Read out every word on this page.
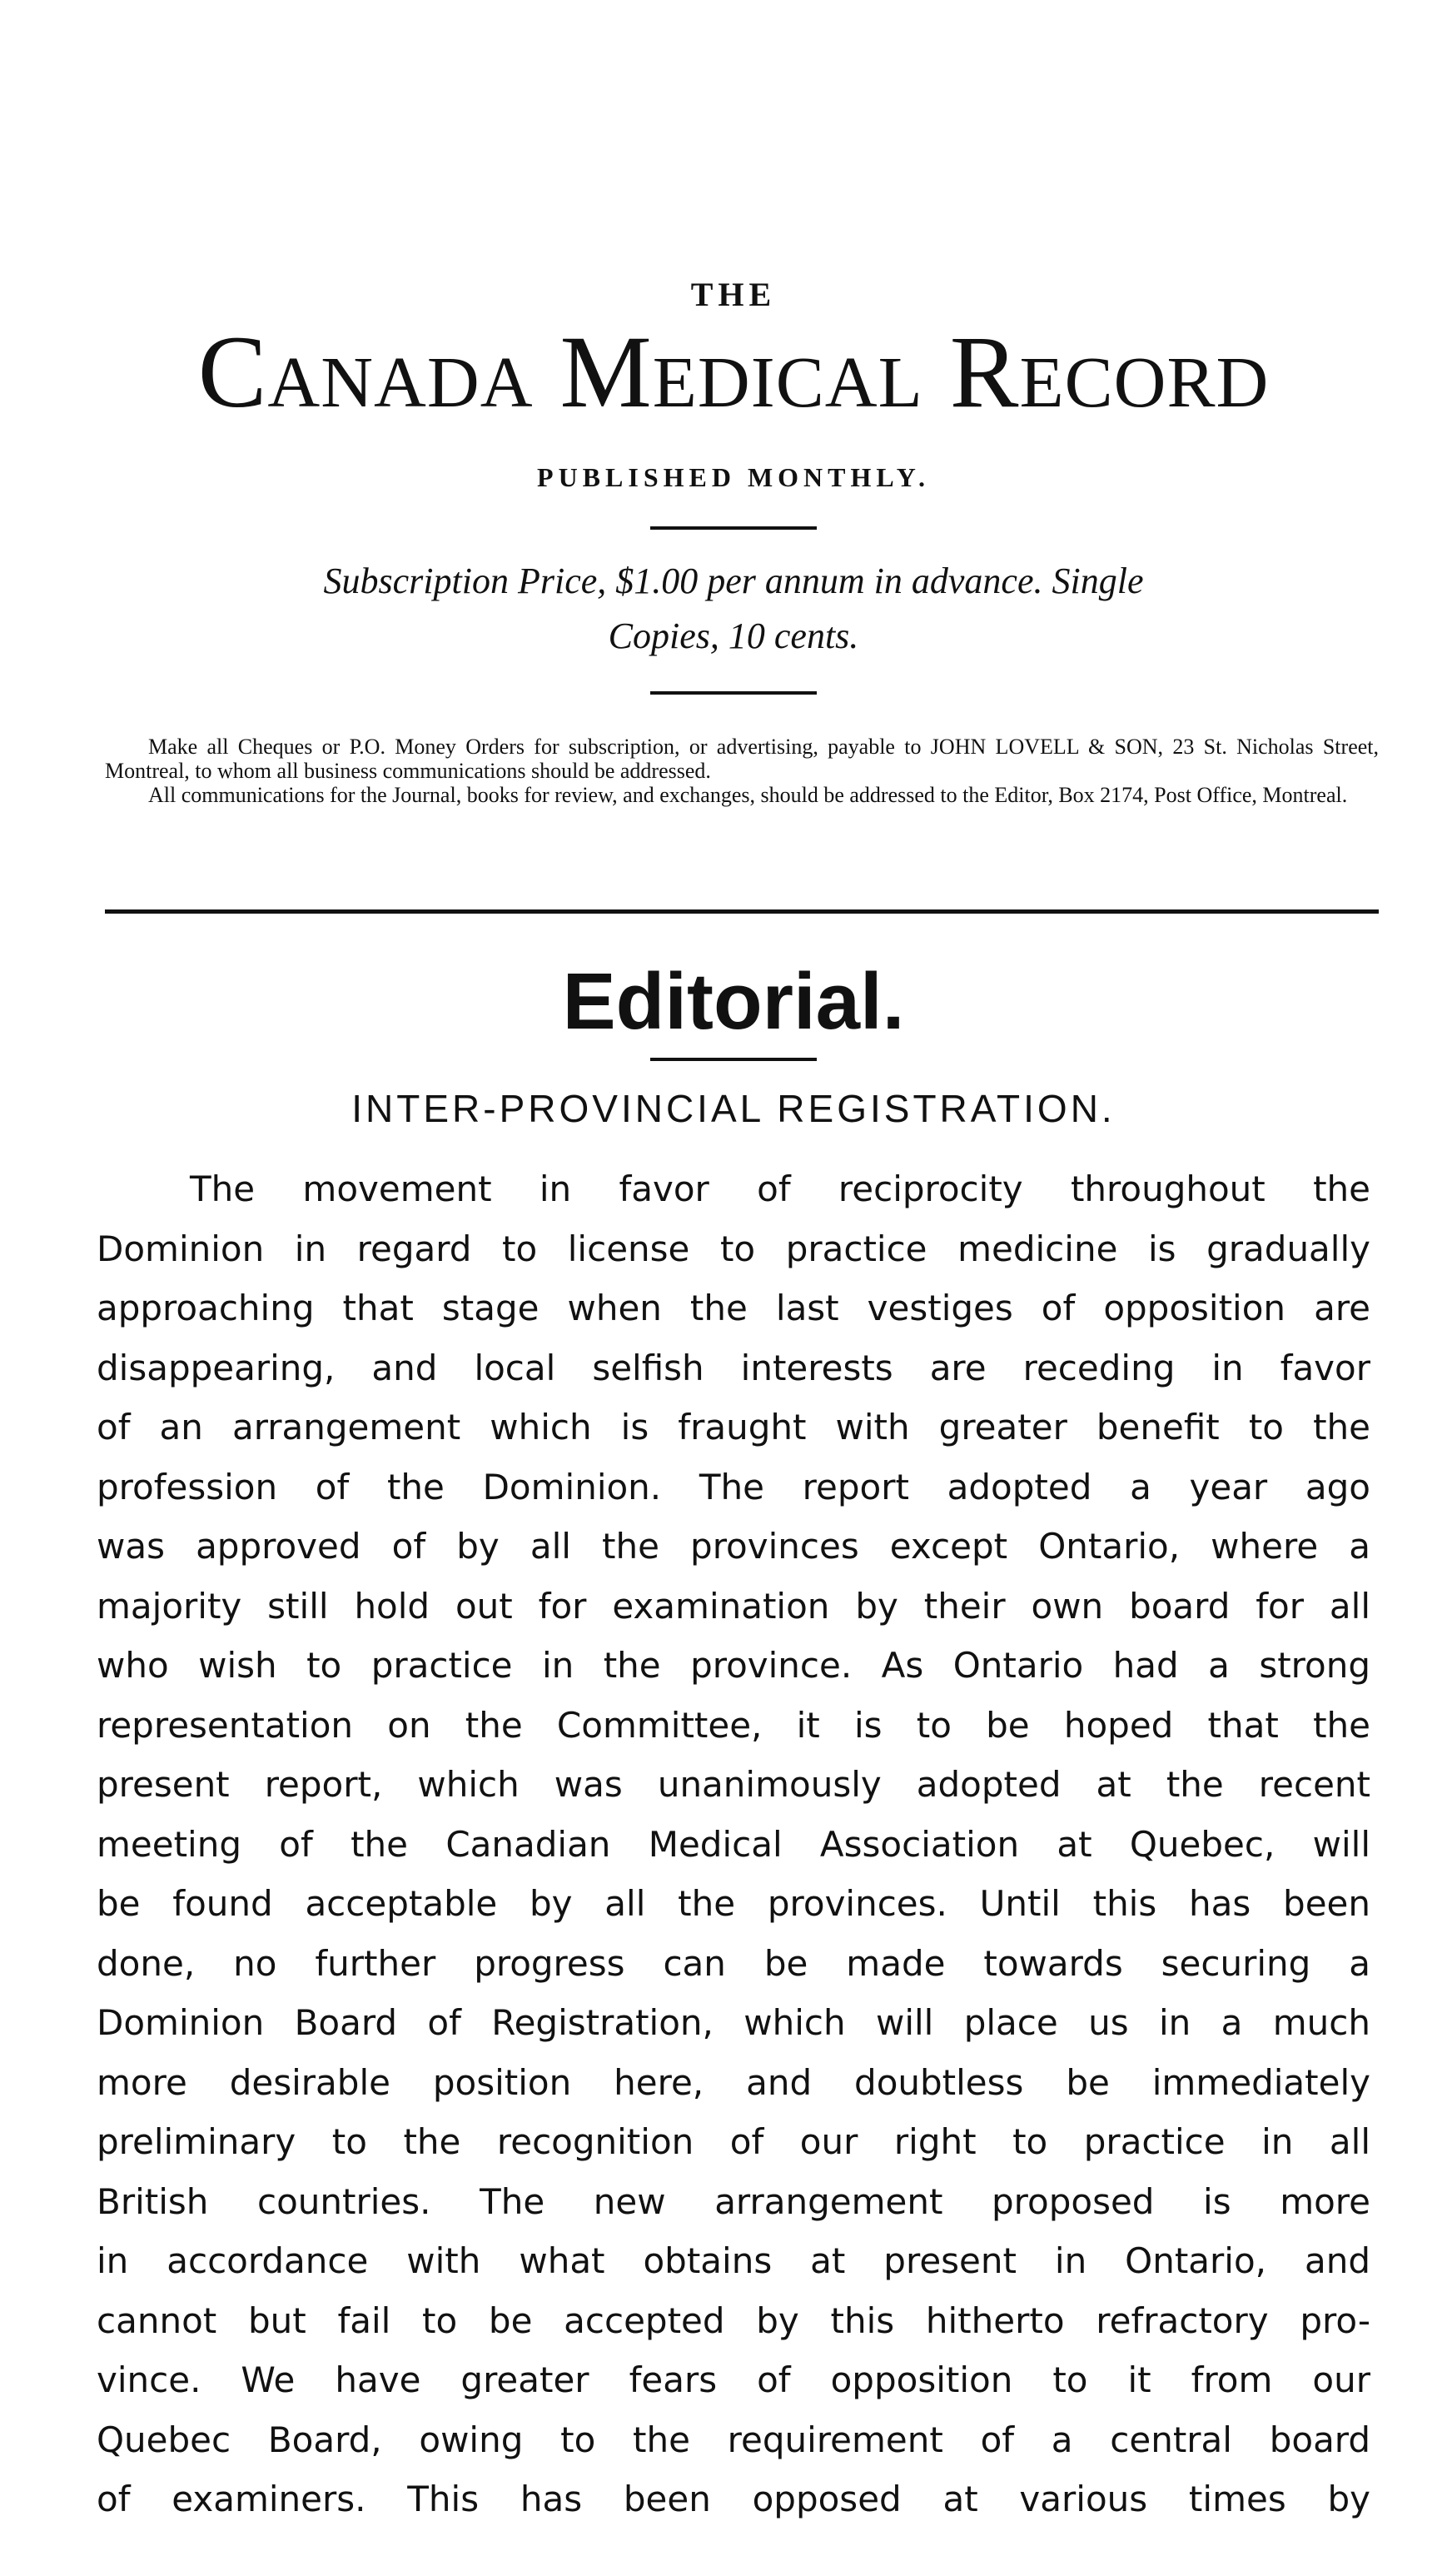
THE
Canada Medical Record
PUBLISHED MONTHLY.
Subscription Price, $1.00 per annum in advance. Single
Copies, 10 cents.

Make all Cheques or P.O. Money Orders for subscription, or advertising, payable to JOHN LOVELL & SON, 23 St. Nicholas Street, Montreal, to whom all business communications should be addressed.

All communications for the Journal, books for review, and exchanges, should be addressed to the Editor, Box 2174, Post Office, Montreal.

Editorial.
INTER-PROVINCIAL REGISTRATION.
The movement in favor of reciprocity throughout the
Dominion in regard to license to practice medicine is gradually
approaching that stage when the last vestiges of opposition are
disappearing, and local selfish interests are receding in favor
of an arrangement which is fraught with greater benefit to the
profession of the Dominion. The report adopted a year ago
was approved of by all the provinces except Ontario, where a
majority still hold out for examination by their own board for all
who wish to practice in the province. As Ontario had a strong
representation on the Committee, it is to be hoped that the
present report, which was unanimously adopted at the recent
meeting of the Canadian Medical Association at Quebec, will
be found acceptable by all the provinces. Until this has been
done, no further progress can be made towards securing a
Dominion Board of Registration, which will place us in a much
more desirable position here, and doubtless be immediately
preliminary to the recognition of our right to practice in all
British countries. The new arrangement proposed is more
in accordance with what obtains at present in Ontario, and
cannot but fail to be accepted by this hitherto refractory pro-
vince. We have greater fears of opposition to it from our
Quebec Board, owing to the requirement of a central board
of examiners. This has been opposed at various times by
